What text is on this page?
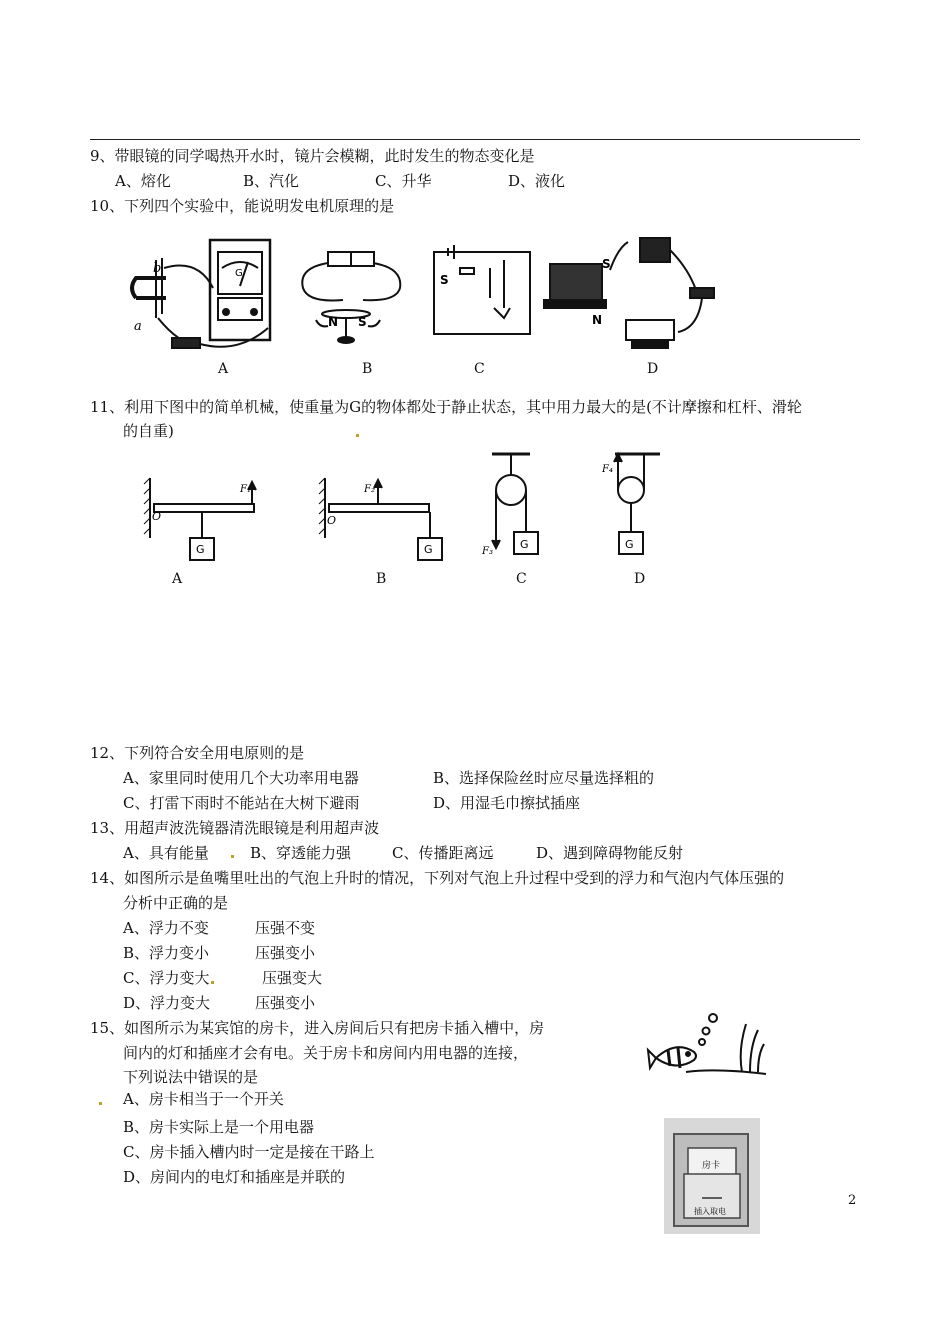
9、带眼镜的同学喝热开水时，镜片会模糊，此时发生的物态变化是
A、熔化	B、汽化	C、升华	D、液化
10、下列四个实验中，能说明发电机原理的是
b
a
G
N S
S
S
N
A	B	C	D
11、利用下图中的简单机械，使重量为G的物体都处于静止状态，其中用力最大的是(不计摩擦和杠杆、滑轮
的自重)
O
F₁
G
O
F₂
G	F₃
G
F₄
G
A	B	C	D
12、下列符合安全用电原则的是
A、家里同时使用几个大功率用电器	B、选择保险丝时应尽量选择粗的
C、打雷下雨时不能站在大树下避雨	D、用湿毛巾擦拭插座
13、用超声波洗镜器清洗眼镜是利用超声波
A、具有能量	B、穿透能力强	C、传播距离远	D、遇到障碍物能反射
14、如图所示是鱼嘴里吐出的气泡上升时的情况，下列对气泡上升过程中受到的浮力和气泡内气体压强的
分析中正确的是
A、浮力不变	压强不变
B、浮力变小	压强变小
C、浮力变大	压强变大
D、浮力变大	压强变小
15、如图所示为某宾馆的房卡，进入房间后只有把房卡插入槽中，房
间内的灯和插座才会有电。关于房卡和房间内用电器的连接，
下列说法中错误的是
A、房卡相当于一个开关
B、房卡实际上是一个用电器
C、房卡插入槽内时一定是接在干路上
D、房间内的电灯和插座是并联的
房卡
插入取电
2
